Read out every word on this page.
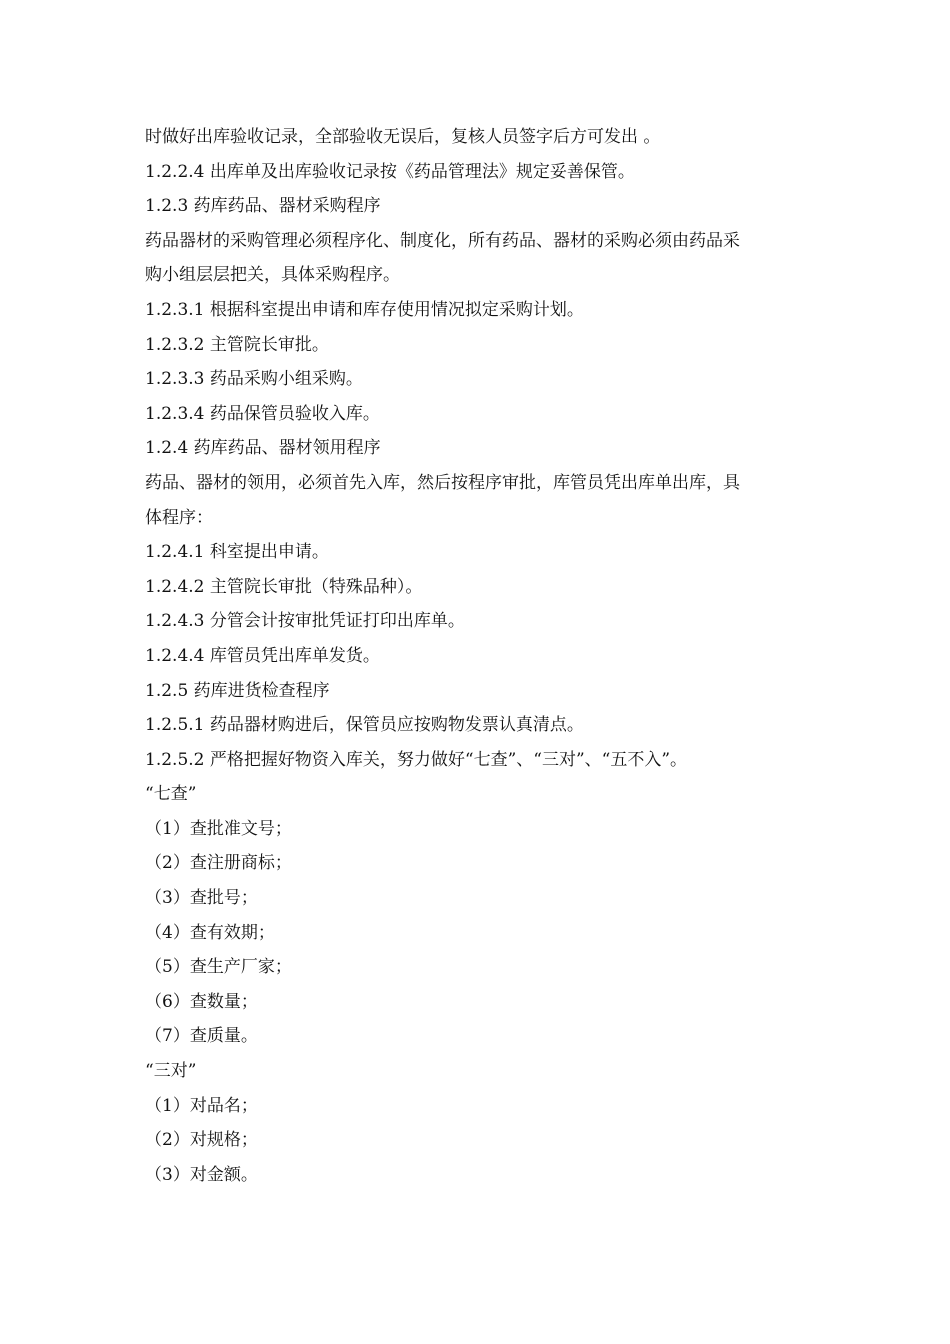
时做好出库验收记录，全部验收无误后，复核人员签字后方可发出 。
1.2.2.4 出库单及出库验收记录按《药品管理法》规定妥善保管。
1.2.3 药库药品、器材采购程序
药品器材的采购管理必须程序化、制度化，所有药品、器材的采购必须由药品采
购小组层层把关，具体采购程序。
1.2.3.1 根据科室提出申请和库存使用情况拟定采购计划。
1.2.3.2 主管院长审批。
1.2.3.3 药品采购小组采购。
1.2.3.4 药品保管员验收入库。
1.2.4 药库药品、器材领用程序
药品、器材的领用，必须首先入库，然后按程序审批，库管员凭出库单出库，具
体程序：
1.2.4.1 科室提出申请。
1.2.4.2 主管院长审批（特殊品种）。
1.2.4.3 分管会计按审批凭证打印出库单。
1.2.4.4 库管员凭出库单发货。
1.2.5 药库进货检查程序
1.2.5.1 药品器材购进后，保管员应按购物发票认真清点。
1.2.5.2 严格把握好物资入库关，努力做好“七查”、“三对”、“五不入”。
“七查”
（1）查批准文号；
（2）查注册商标；
（3）查批号；
（4）查有效期；
（5）查生产厂家；
（6）查数量；
（7）查质量。
“三对”
（1）对品名；
（2）对规格；
（3）对金额。
